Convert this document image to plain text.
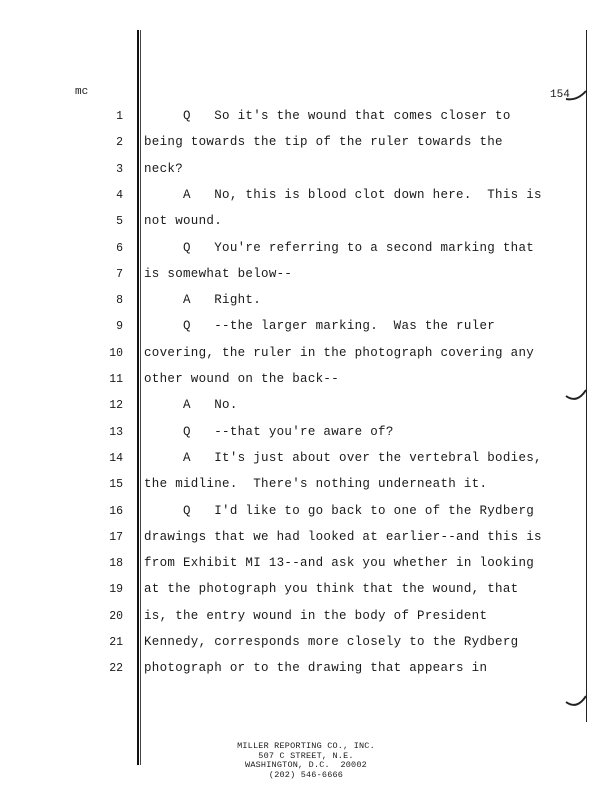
mc	154
1 Q   So it's the wound that comes closer to
2 being towards the tip of the ruler towards the
3 neck?
4 A   No, this is blood clot down here.  This is
5 not wound.
6 Q   You're referring to a second marking that
7 is somewhat below--
8 A   Right.
9 Q   --the larger marking.  Was the ruler
10 covering, the ruler in the photograph covering any
11 other wound on the back--
12 A   No.
13 Q   --that you're aware of?
14 A   It's just about over the vertebral bodies,
15 the midline.  There's nothing underneath it.
16 Q   I'd like to go back to one of the Rydberg
17 drawings that we had looked at earlier--and this is
18 from Exhibit MI 13--and ask you whether in looking
19 at the photograph you think that the wound, that
20 is, the entry wound in the body of President
21 Kennedy, corresponds more closely to the Rydberg
22 photograph or to the drawing that appears in
MILLER REPORTING CO., INC.
507 C STREET, N.E.
WASHINGTON, D.C.  20002
(202) 546-6666
